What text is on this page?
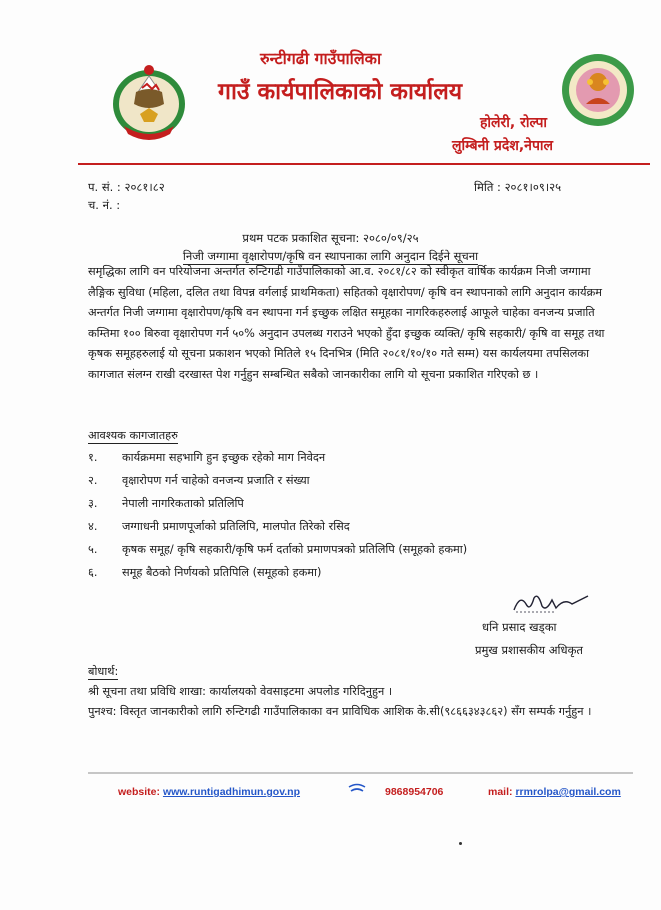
रुन्टीगढी गाउँपालिका
गाउँ कार्यपालिकाको कार्यालय
होलेरी, रोल्पा
लुम्बिनी प्रदेश,नेपाल
प. सं. : २०८१।८२
च. नं. :
मिति : २०८१।०९।२५
प्रथम पटक प्रकाशित सूचना: २०८०/०९/२५
निजी जग्गामा वृक्षारोपण/कृषि वन स्थापनाका लागि अनुदान दिईने सूचना
समृद्धिका लागि वन परियोजना अन्तर्गत रुन्टिगढी गाउँपालिकाको आ.व. २०८१/८२ को स्वीकृत वार्षिक कार्यक्रम निजी जग्गामा लैङ्गिक सुविधा (महिला, दलित तथा विपन्न वर्गलाई प्राथमिकता) सहितको वृक्षारोपण/ कृषि वन स्थापनाको लागि अनुदान कार्यक्रम अन्तर्गत निजी जग्गामा वृक्षारोपण/कृषि वन स्थापना गर्न इच्छुक लक्षित समूहका नागरिकहरुलाई आफूले चाहेका वनजन्य प्रजाति कम्तिमा १०० बिरुवा वृक्षारोपण गर्न ५०% अनुदान उपलब्ध गराउने भएको हुँदा इच्छुक व्यक्ति/ कृषि सहकारी/ कृषि वा समूह तथा कृषक समूहहरुलाई यो सूचना प्रकाशन भएको मितिले १५ दिनभित्र (मिति २०८१/१०/१० गते सम्म) यस कार्यलयमा तपसिलका कागजात संलग्न राखी दरखास्त पेश गर्नुहुन सम्बन्धित सबैको जानकारीका लागि यो सूचना प्रकाशित गरिएको छ ।
आवश्यक कागजातहरु
१.	कार्यक्रममा सहभागि हुन इच्छुक रहेको माग निवेदन
२.	वृक्षारोपण गर्न चाहेको वनजन्य प्रजाति र संख्या
३.	नेपाली नागरिकताको प्रतिलिपि
४.	जग्गाधनी प्रमाणपूर्जाको प्रतिलिपि, मालपोत तिरेको रसिद
५.	कृषक समूह/ कृषि सहकारी/कृषि फर्म दर्ताको प्रमाणपत्रको प्रतिलिपि (समूहको हकमा)
६.	समूह बैठको निर्णयको प्रतिपिलि (समूहको हकमा)
धनि प्रसाद खड्का
प्रमुख प्रशासकीय अधिकृत
बोधार्थ:
श्री सूचना तथा प्रविधि शाखा: कार्यालयको वेवसाइटमा अपलोड गरिदिनुहुन ।
पुनश्च: विस्तृत जानकारीको लागि रुन्टिगढी गाउँपालिकाका वन प्राविधिक आशिक के.सी(९८६६३४३८६२) सँग सम्पर्क गर्नुहुन ।
website: www.runtigadhimun.gov.np	9868954706	mail: rrmrolpa@gmail.com
